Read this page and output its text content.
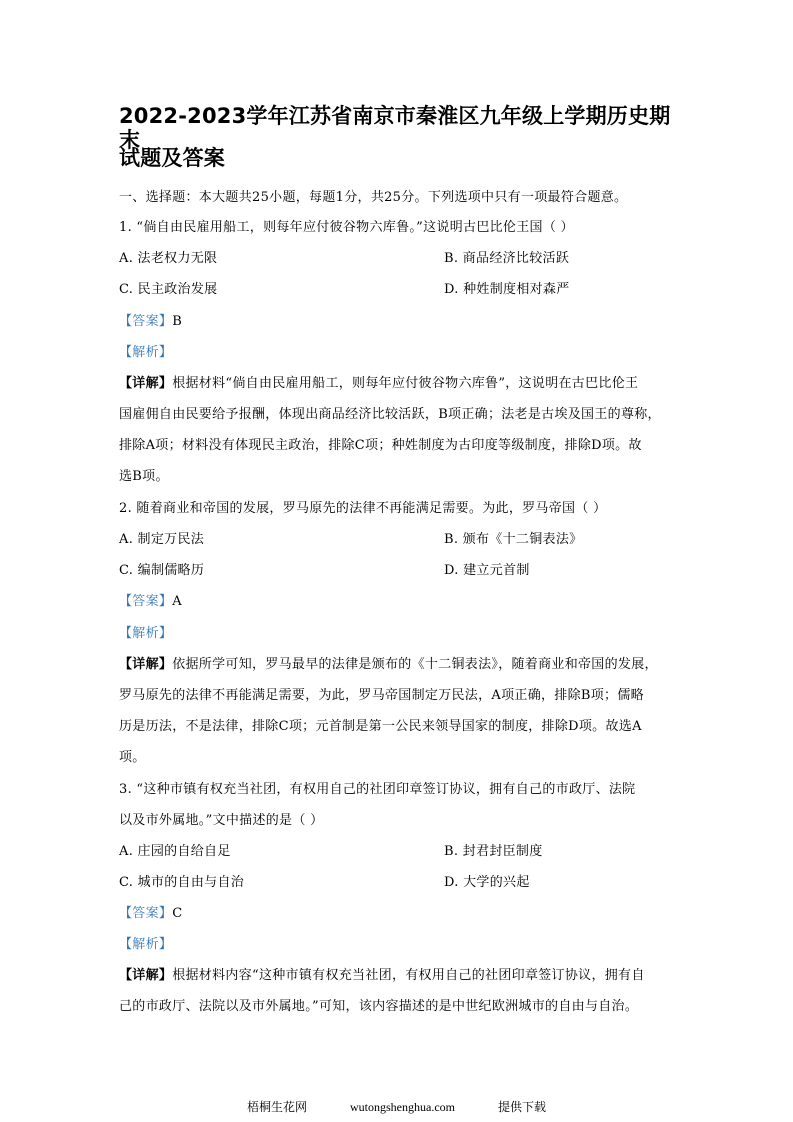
2022-2023学年江苏省南京市秦淮区九年级上学期历史期末
试题及答案
一、选择题：本大题共25小题，每题1分，共25分。下列选项中只有一项最符合题意。
1. “倘自由民雇用船工，则每年应付彼谷物六库鲁。”这说明古巴比伦王国（ ）
A. 法老权力无限	B. 商品经济比较活跃
C. 民主政治发展	D. 种姓制度相对森严
【答案】B
【解析】
【详解】根据材料“倘自由民雇用船工，则每年应付彼谷物六库鲁”，这说明在古巴比伦王
国雇佣自由民要给予报酬，体现出商品经济比较活跃，B项正确；法老是古埃及国王的尊称，
排除A项；材料没有体现民主政治，排除C项；种姓制度为古印度等级制度，排除D项。故
选B项。
2. 随着商业和帝国的发展，罗马原先的法律不再能满足需要。为此，罗马帝国（ ）
A. 制定万民法	B. 颁布《十二铜表法》
C. 编制儒略历	D. 建立元首制
【答案】A
【解析】
【详解】依据所学可知，罗马最早的法律是颁布的《十二铜表法》，随着商业和帝国的发展，
罗马原先的法律不再能满足需要，为此，罗马帝国制定万民法，A项正确，排除B项；儒略
历是历法，不是法律，排除C项；元首制是第一公民来领导国家的制度，排除D项。故选A
项。
3. “这种市镇有权充当社团，有权用自己的社团印章签订协议，拥有自己的市政厅、法院
以及市外属地。”文中描述的是（ ）
A. 庄园的自给自足	B. 封君封臣制度
C. 城市的自由与自治	D. 大学的兴起
【答案】C
【解析】
【详解】根据材料内容“这种市镇有权充当社团，有权用自己的社团印章签订协议，拥有自
己的市政厅、法院以及市外属地。”可知，该内容描述的是中世纪欧洲城市的自由与自治。
梧桐生花网	wutongshenghua.com	提供下载
